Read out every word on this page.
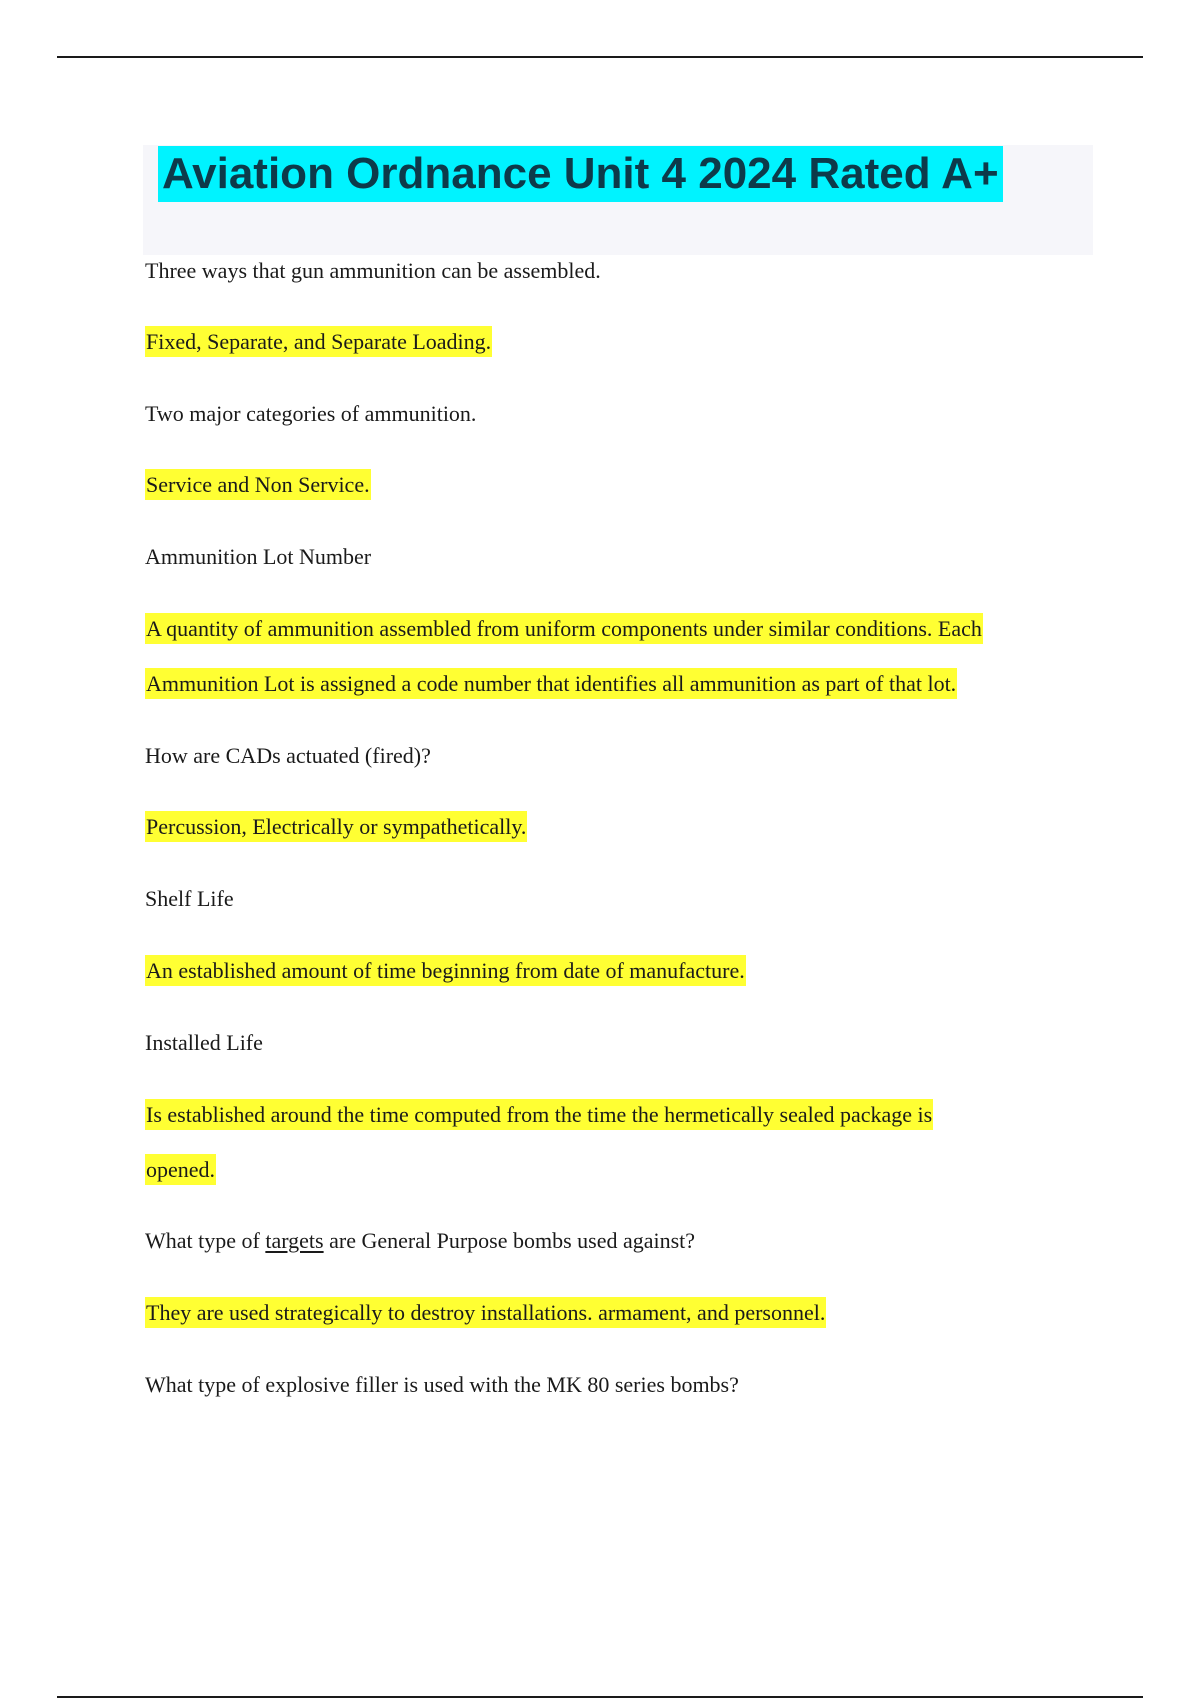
Aviation Ordnance Unit 4 2024 Rated A+

Three ways that gun ammunition can be assembled.

Fixed, Separate, and Separate Loading.

Two major categories of ammunition.

Service and Non Service.

Ammunition Lot Number

A quantity of ammunition assembled from uniform components under similar conditions. Each

Ammunition Lot is assigned a code number that identifies all ammunition as part of that lot.

How are CADs actuated (fired)?

Percussion, Electrically or sympathetically.

Shelf Life

An established amount of time beginning from date of manufacture.

Installed Life

Is established around the time computed from the time the hermetically sealed package is

opened.

What type of targets are General Purpose bombs used against?

They are used strategically to destroy installations. armament, and personnel.

What type of explosive filler is used with the MK 80 series bombs?
